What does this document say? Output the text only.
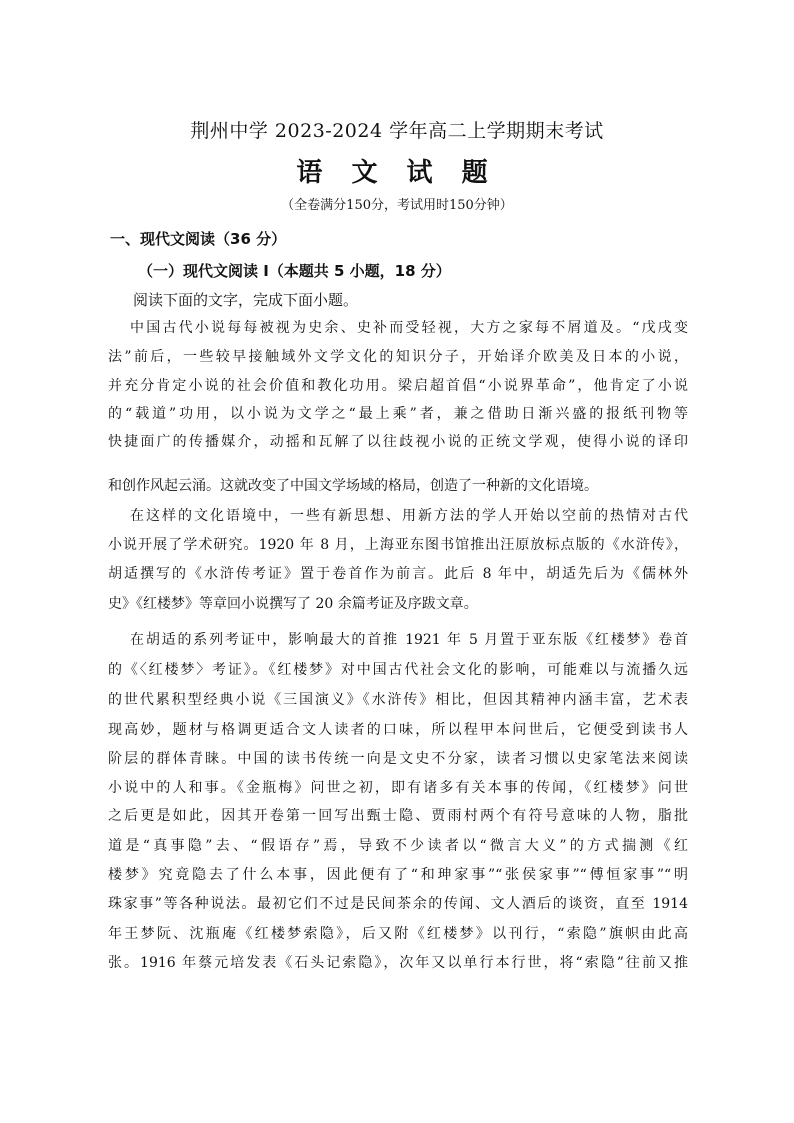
荆州中学 2023-2024 学年高二上学期期末考试
语 文 试 题
（全卷满分150分，考试用时150分钟）
一、现代文阅读（36 分）
（一）现代文阅读 I（本题共 5 小题，18 分）
阅读下面的文字，完成下面小题。
中国古代小说每每被视为史余、史补而受轻视，大方之家每不屑道及。“戊戌变
法”前后，一些较早接触域外文学文化的知识分子，开始译介欧美及日本的小说，
并充分肯定小说的社会价值和教化功用。梁启超首倡“小说界革命”，他肯定了小说
的“载道”功用，以小说为文学之“最上乘”者，兼之借助日渐兴盛的报纸刊物等
快捷面广的传播媒介，动摇和瓦解了以往歧视小说的正统文学观，使得小说的译印
和创作风起云涌。这就改变了中国文学场域的格局，创造了一种新的文化语境。
在这样的文化语境中，一些有新思想、用新方法的学人开始以空前的热情对古代
小说开展了学术研究。1920 年 8 月，上海亚东图书馆推出汪原放标点版的《水浒传》，
胡适撰写的《水浒传考证》置于卷首作为前言。此后 8 年中，胡适先后为《儒林外
史》《红楼梦》等章回小说撰写了 20 余篇考证及序跋文章。
在胡适的系列考证中，影响最大的首推 1921 年 5 月置于亚东版《红楼梦》卷首
的《〈红楼梦〉考证》。《红楼梦》对中国古代社会文化的影响，可能难以与流播久远
的世代累积型经典小说《三国演义》《水浒传》相比，但因其精神内涵丰富，艺术表
现高妙，题材与格调更适合文人读者的口味，所以程甲本问世后，它便受到读书人
阶层的群体青睐。中国的读书传统一向是文史不分家，读者习惯以史家笔法来阅读
小说中的人和事。《金瓶梅》问世之初，即有诸多有关本事的传闻，《红楼梦》问世
之后更是如此，因其开卷第一回写出甄士隐、贾雨村两个有符号意味的人物，脂批
道是“真事隐”去、“假语存”焉，导致不少读者以“微言大义”的方式揣测《红
楼梦》究竟隐去了什么本事，因此便有了“和珅家事”“张侯家事”“傅恒家事”“明
珠家事”等各种说法。最初它们不过是民间茶余的传闻、文人酒后的谈资，直至 1914
年王梦阮、沈瓶庵《红楼梦索隐》，后又附《红楼梦》以刊行，“索隐”旗帜由此高
张。1916 年蔡元培发表《石头记索隐》，次年又以单行本行世，将“索隐”往前又推
